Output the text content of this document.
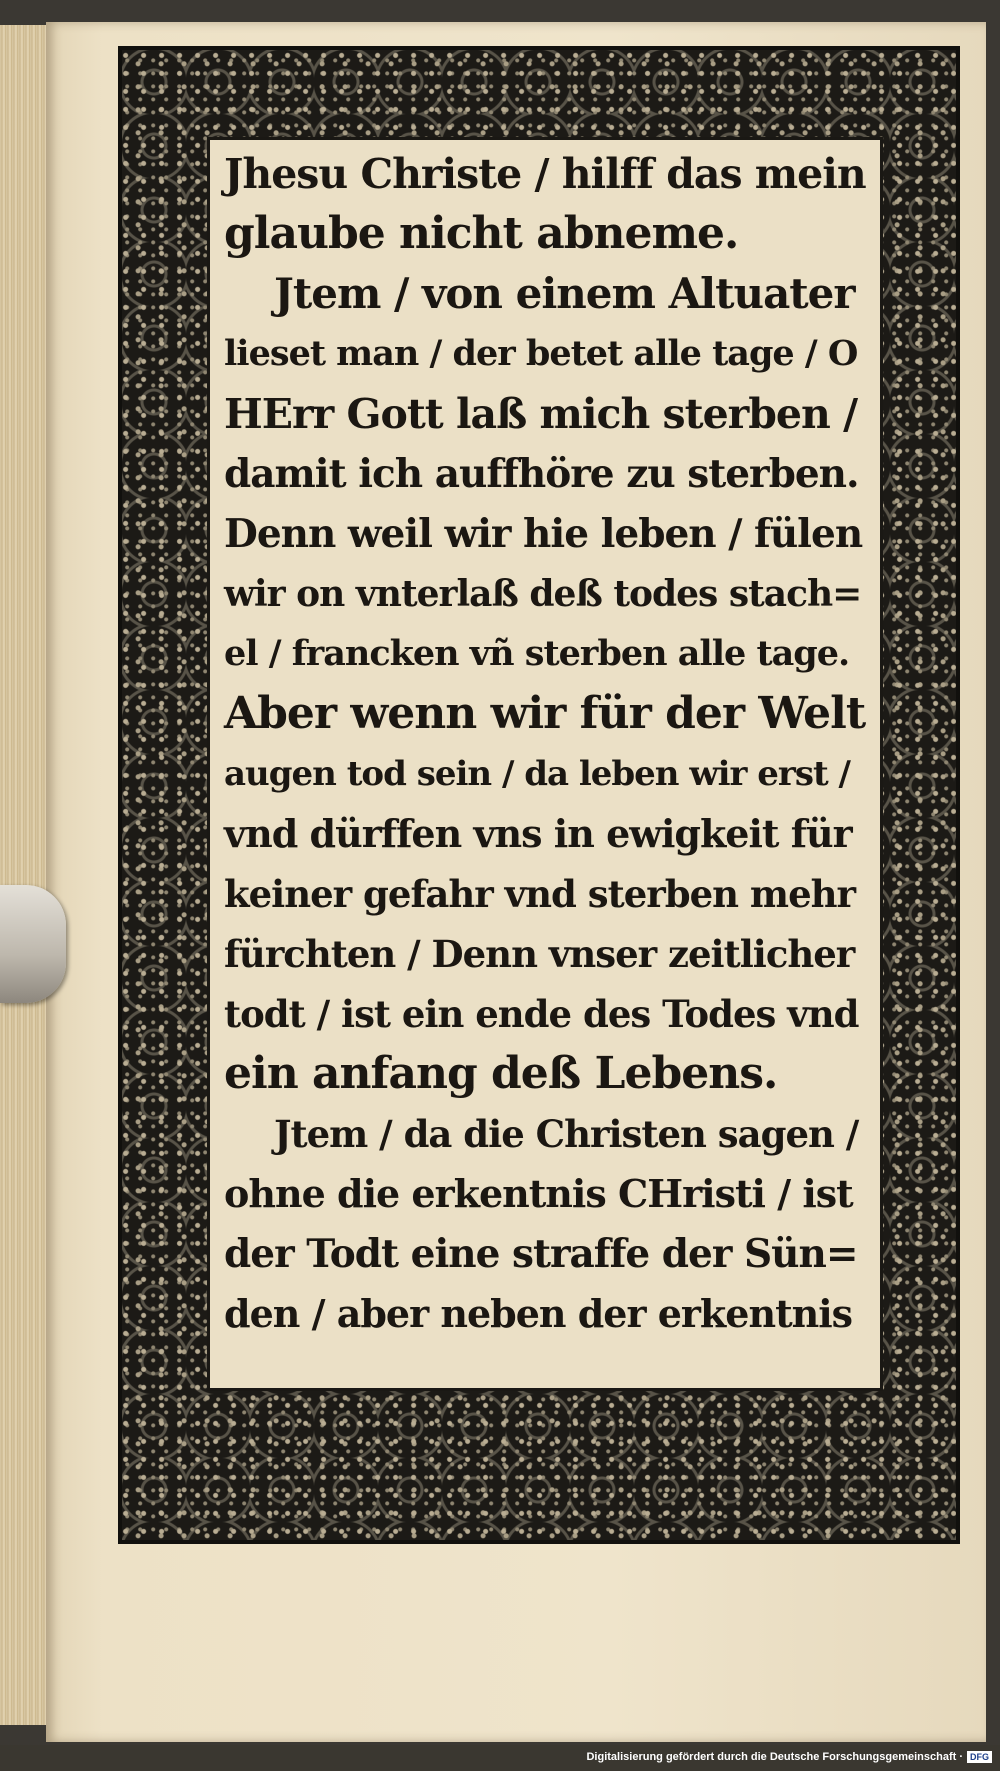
Jhesu Christe / hilff das mein
glaube nicht abneme.
Jtem / von einem Altuater
lieset man / der betet alle tage / O
HErr Gott laß mich sterben /
damit ich auffhöre zu sterben.
Denn weil wir hie leben / fülen
wir on vnterlaß deß todes stach=
el / francken vñ sterben alle tage.
Aber wenn wir für der Welt
augen tod sein / da leben wir erst /
vnd dürffen vns in ewigkeit für
keiner gefahr vnd sterben mehr
fürchten / Denn vnser zeitlicher
todt / ist ein ende des Todes vnd
ein anfang deß Lebens.
Jtem / da die Christen sagen /
ohne die erkentnis CHristi / ist
der Todt eine straffe der Sün=
den / aber neben der erkentnis
Digitalisierung gefördert durch die Deutsche Forschungsgemeinschaft · DFG
